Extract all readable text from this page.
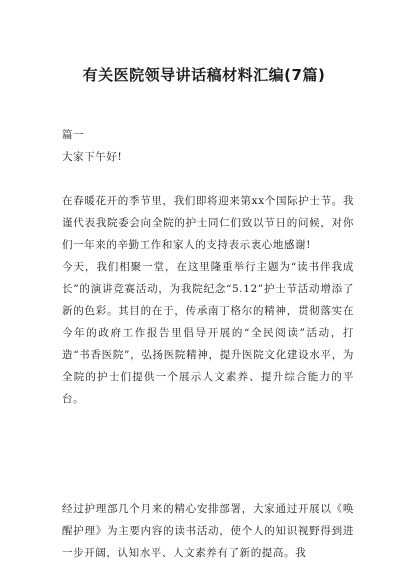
有关医院领导讲话稿材料汇编(7篇)
篇一
大家下午好!

在春暖花开的季节里，我们即将迎来第xx个国际护士节。我谨代表我院委会向全院的护士同仁们致以节日的问候，对你们一年来的辛勤工作和家人的支持表示衷心地感谢!

今天，我们相聚一堂，在这里隆重举行主题为“读书伴我成长”的演讲竞赛活动，为我院纪念“5.12”护士节活动增添了新的色彩。其目的在于，传承南丁格尔的精神，贯彻落实在今年的政府工作报告里倡导开展的“全民阅读”活动，打造“书香医院”，弘扬医院精神，提升医院文化建设水平，为全院的护士们提供一个展示人文素养、提升综合能力的平台。

经过护理部几个月来的精心安排部署，大家通过开展以《唤醒护理》为主要内容的读书活动，使个人的知识视野得到进一步开阔，认知水平、人文素养有了新的提高。我
